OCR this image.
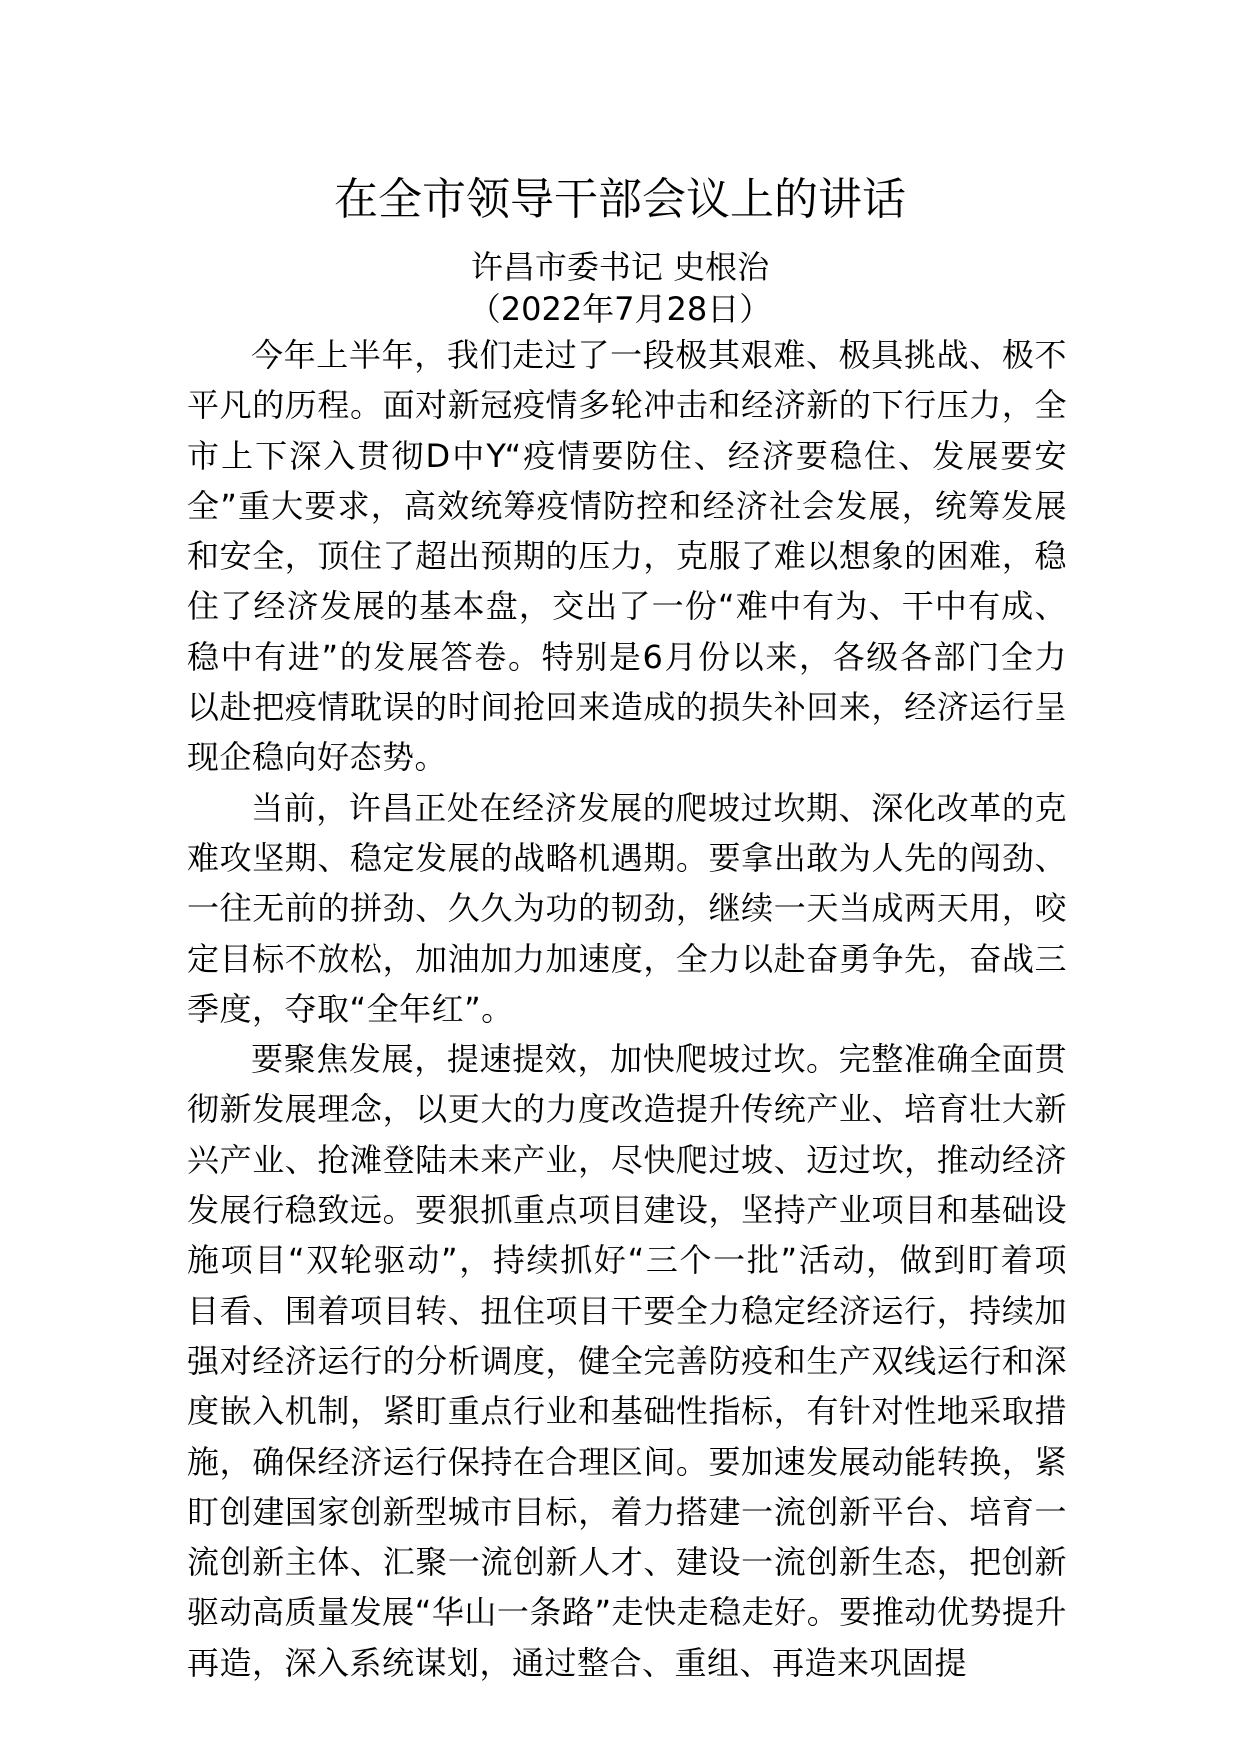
在全市领导干部会议上的讲话
许昌市委书记 史根治
（2022年7月28日）

今年上半年，我们走过了一段极其艰难、极具挑战、极不平凡的历程。面对新冠疫情多轮冲击和经济新的下行压力，全市上下深入贯彻D中Y“疫情要防住、经济要稳住、发展要安全”重大要求，高效统筹疫情防控和经济社会发展，统筹发展和安全，顶住了超出预期的压力，克服了难以想象的困难，稳住了经济发展的基本盘，交出了一份“难中有为、干中有成、稳中有进”的发展答卷。特别是6月份以来，各级各部门全力以赴把疫情耽误的时间抢回来造成的损失补回来，经济运行呈现企稳向好态势。

当前，许昌正处在经济发展的爬坡过坎期、深化改革的克难攻坚期、稳定发展的战略机遇期。要拿出敢为人先的闯劲、一往无前的拼劲、久久为功的韧劲，继续一天当成两天用，咬定目标不放松，加油加力加速度，全力以赴奋勇争先，奋战三季度，夺取“全年红”。

要聚焦发展，提速提效，加快爬坡过坎。完整准确全面贯彻新发展理念，以更大的力度改造提升传统产业、培育壮大新兴产业、抢滩登陆未来产业，尽快爬过坡、迈过坎，推动经济发展行稳致远。要狠抓重点项目建设，坚持产业项目和基础设施项目“双轮驱动”，持续抓好“三个一批”活动，做到盯着项目看、围着项目转、扭住项目干要全力稳定经济运行，持续加强对经济运行的分析调度，健全完善防疫和生产双线运行和深度嵌入机制，紧盯重点行业和基础性指标，有针对性地采取措施，确保经济运行保持在合理区间。要加速发展动能转换，紧盯创建国家创新型城市目标，着力搭建一流创新平台、培育一流创新主体、汇聚一流创新人才、建设一流创新生态，把创新驱动高质量发展“华山一条路”走快走稳走好。要推动优势提升再造，深入系统谋划，通过整合、重组、再造来巩固提
